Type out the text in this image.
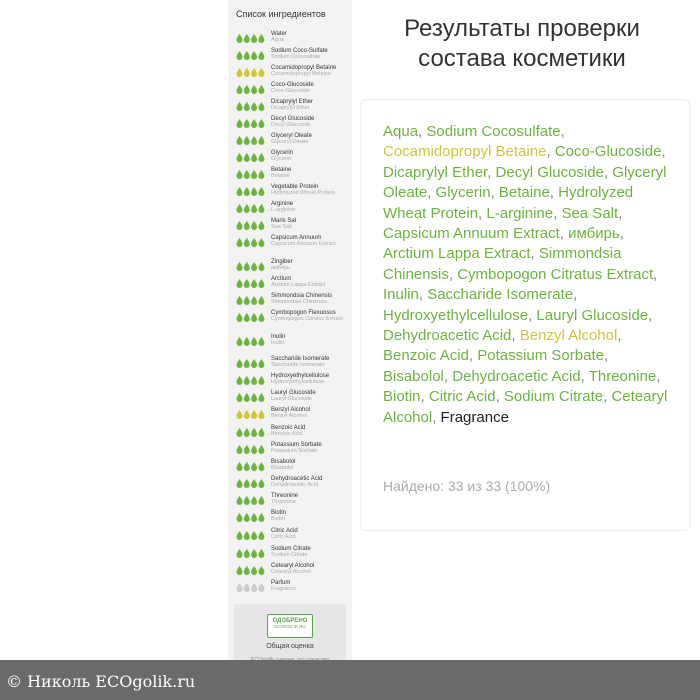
Список ингредиентов
Water
Aqua
Sodium Coco-Sulfate
Sodium Cocosulfate
Cocamidopropyl Betaine
Cocamidopropyl Betaine
Coco-Glucoside
Coco-Glucoside
Dicaprylyl Ether
Dicaprylyl Ether
Decyl Glucoside
Decyl Glucoside
Glyceryl Oleate
Glyceryl Oleate
Glycerin
Glycerin
Betaine
Betaine
Vegetable Protein
Hydrolyzed Wheat Protein
Arginine
L-arginine
Maris Sal
Sea Salt
Capsicum Annuum
Capsicum Annuum Extract
Zingiber
имбирь
Arctium
Arctium Lappa Extract
Simmondsia Chinensis
Simmondsia Chinensis
Cymbopogon Flexuosus
Cymbopogon Citratus Extract
Inulin
Inulin
Saccharide Isomerate
Saccharide Isomerate
Hydroxyethylcellulose
Hydroxyethylcellulose
Lauryl Glucoside
Lauryl Glucoside
Benzyl Alcohol
Benzyl Alcohol
Benzoic Acid
Benzoic Acid
Potassium Sorbate
Potassium Sorbate
Bisabolol
Bisabolol
Dehydroacetic Acid
Dehydroacetic Acid
Threonine
Threonine
Biotin
Biotin
Citric Acid
Citric Acid
Sodium Citrate
Sodium Citrate
Cetearyl Alcohol
Cetearyl Alcohol
Parfum
Fragrance
ОДОБРЕНО
ECOGOLIK.RU
Общая оценка
Результаты проверки состава косметики
Aqua, Sodium Cocosulfate, Cocamidopropyl Betaine, Coco-Glucoside, Dicaprylyl Ether, Decyl Glucoside, Glyceryl Oleate, Glycerin, Betaine, Hydrolyzed Wheat Protein, L-arginine, Sea Salt, Capsicum Annuum Extract, имбирь, Arctium Lappa Extract, Simmondsia Chinensis, Cymbopogon Citratus Extract, Inulin, Saccharide Isomerate, Hydroxyethylcellulose, Lauryl Glucoside, Dehydroacetic Acid, Benzyl Alcohol, Benzoic Acid, Potassium Sorbate, Bisabolol, Dehydroacetic Acid, Threonine, Biotin, Citric Acid, Sodium Citrate, Cetearyl Alcohol, Fragrance
Найдено: 33 из 33 (100%)
© Николь ECOgolik.ru
